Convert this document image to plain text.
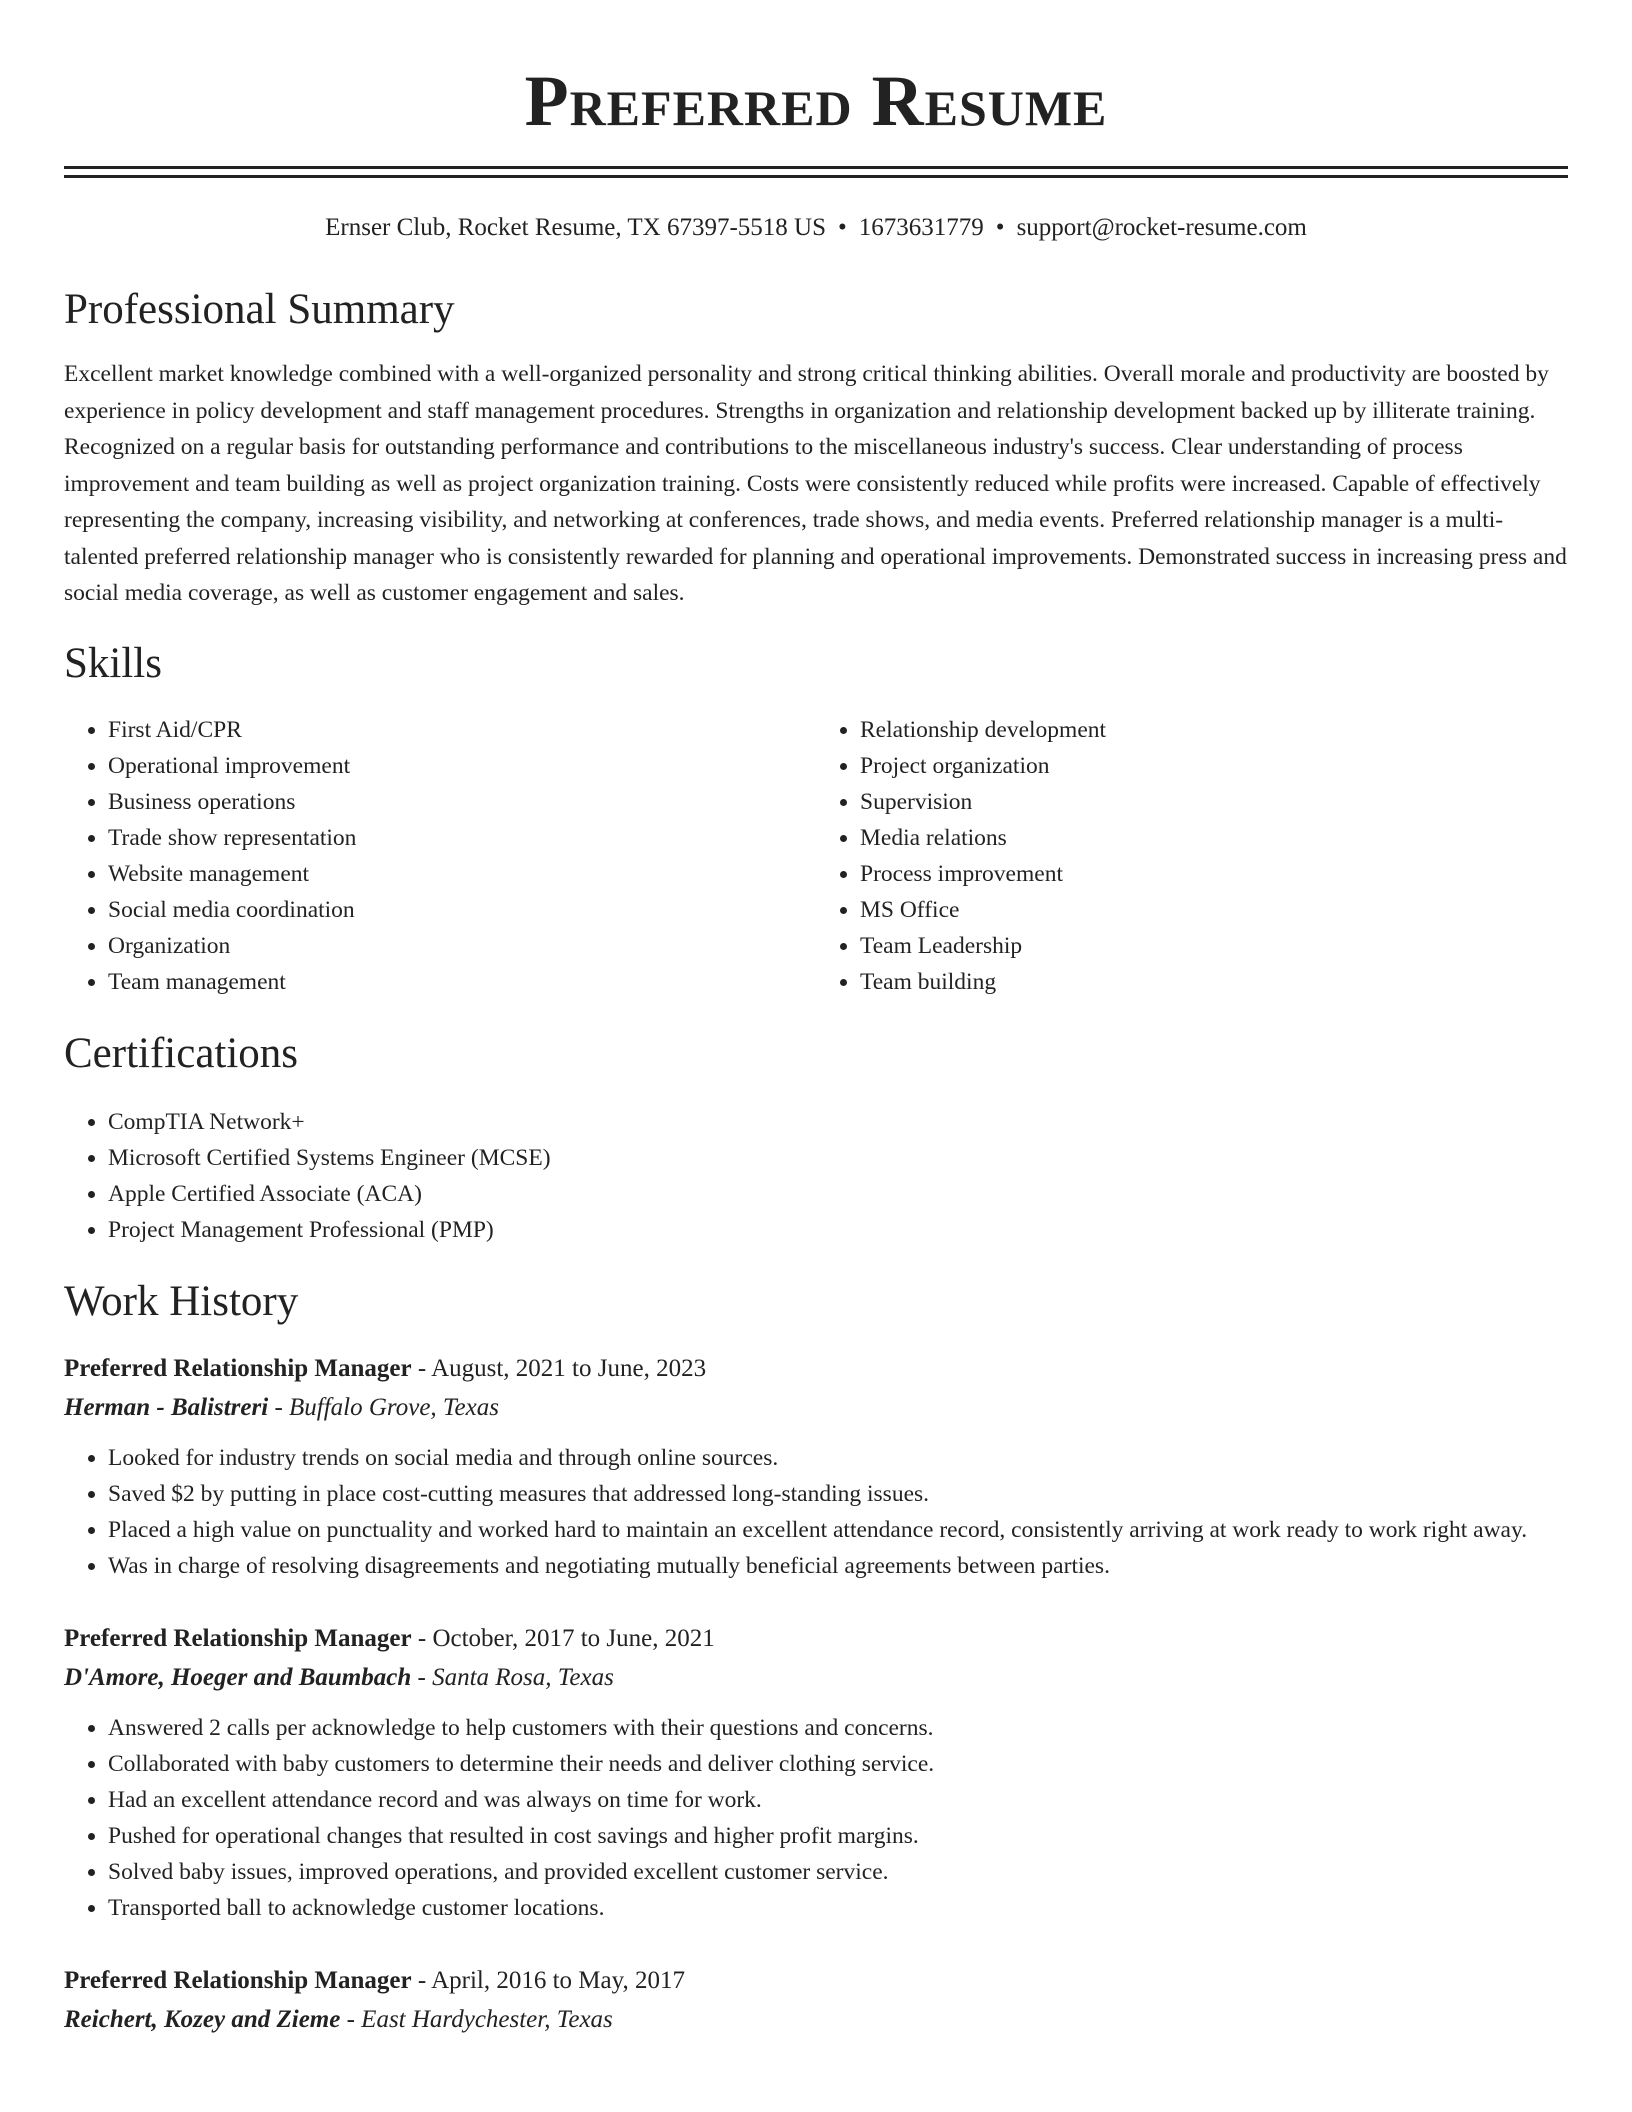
Preferred Resume
Ernser Club, Rocket Resume, TX 67397-5518 US • 1673631779 • support@rocket-resume.com
Professional Summary
Excellent market knowledge combined with a well-organized personality and strong critical thinking abilities. Overall morale and productivity are boosted by experience in policy development and staff management procedures. Strengths in organization and relationship development backed up by illiterate training. Recognized on a regular basis for outstanding performance and contributions to the miscellaneous industry's success. Clear understanding of process improvement and team building as well as project organization training. Costs were consistently reduced while profits were increased. Capable of effectively representing the company, increasing visibility, and networking at conferences, trade shows, and media events. Preferred relationship manager is a multi-talented preferred relationship manager who is consistently rewarded for planning and operational improvements. Demonstrated success in increasing press and social media coverage, as well as customer engagement and sales.
Skills
• First Aid/CPR
• Operational improvement
• Business operations
• Trade show representation
• Website management
• Social media coordination
• Organization
• Team management
• Relationship development
• Project organization
• Supervision
• Media relations
• Process improvement
• MS Office
• Team Leadership
• Team building
Certifications
• CompTIA Network+
• Microsoft Certified Systems Engineer (MCSE)
• Apple Certified Associate (ACA)
• Project Management Professional (PMP)
Work History
Preferred Relationship Manager - August, 2021 to June, 2023
Herman - Balistreri - Buffalo Grove, Texas
• Looked for industry trends on social media and through online sources.
• Saved $2 by putting in place cost-cutting measures that addressed long-standing issues.
• Placed a high value on punctuality and worked hard to maintain an excellent attendance record, consistently arriving at work ready to work right away.
• Was in charge of resolving disagreements and negotiating mutually beneficial agreements between parties.
Preferred Relationship Manager - October, 2017 to June, 2021
D'Amore, Hoeger and Baumbach - Santa Rosa, Texas
• Answered 2 calls per acknowledge to help customers with their questions and concerns.
• Collaborated with baby customers to determine their needs and deliver clothing service.
• Had an excellent attendance record and was always on time for work.
• Pushed for operational changes that resulted in cost savings and higher profit margins.
• Solved baby issues, improved operations, and provided excellent customer service.
• Transported ball to acknowledge customer locations.
Preferred Relationship Manager - April, 2016 to May, 2017
Reichert, Kozey and Zieme - East Hardychester, Texas
